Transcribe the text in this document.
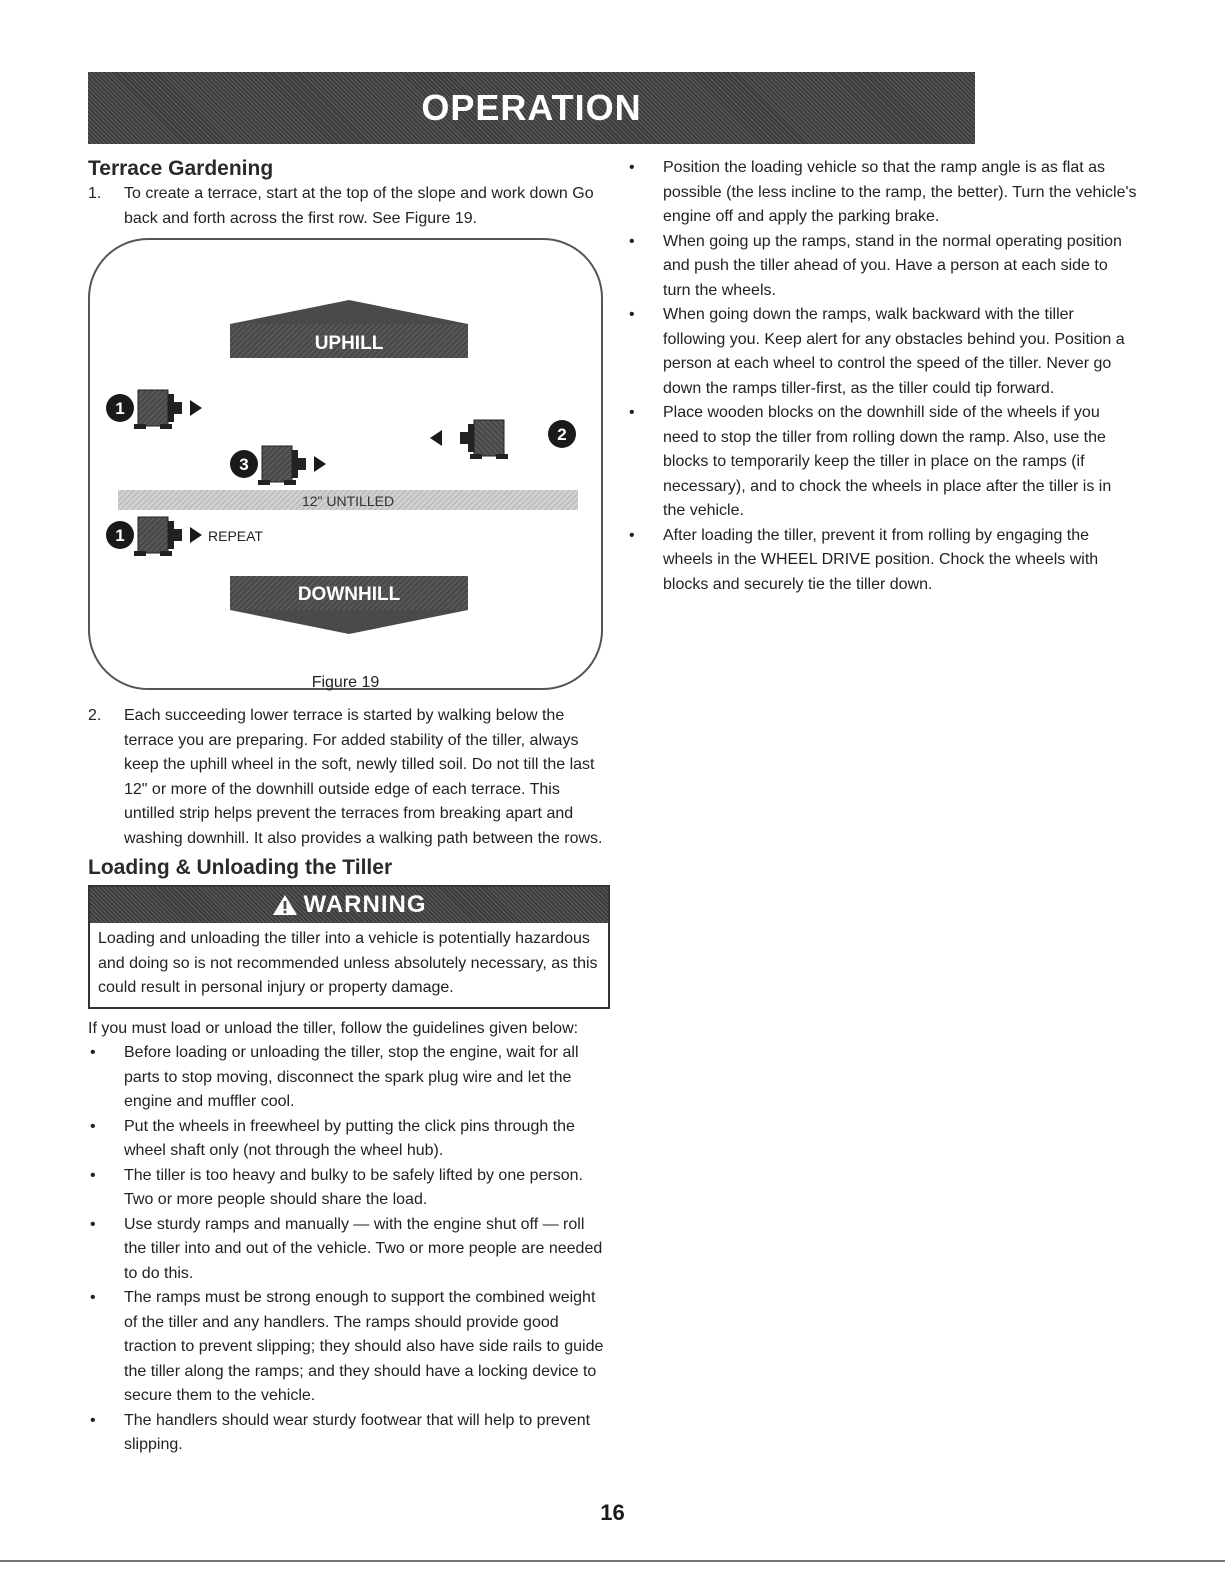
OPERATION
Terrace Gardening
1.	To create a terrace, start at the top of the slope and work down Go back and forth across the first row. See Figure 19.
UPHILL
1
2
3
12" UNTILLED
1	REPEAT
DOWNHILL
Figure 19
2.	Each succeeding lower terrace is started by walking below the terrace you are preparing. For added stability of the tiller, always keep the uphill wheel in the soft, newly tilled soil. Do not till the last 12" or more of the downhill outside edge of each terrace. This untilled strip helps prevent the terraces from breaking apart and washing downhill. It also provides a walking path between the rows.
Loading & Unloading the Tiller
WARNING
Loading and unloading the tiller into a vehicle is potentially hazardous and doing so is not recommended unless absolutely necessary, as this could result in personal injury or property damage.
If you must load or unload the tiller, follow the guidelines given below:
•	Before loading or unloading the tiller, stop the engine, wait for all parts to stop moving, disconnect the spark plug wire and let the engine and muffler cool.
•	Put the wheels in freewheel by putting the click pins through the wheel shaft only (not through the wheel hub).
•	The tiller is too heavy and bulky to be safely lifted by one person. Two or more people should share the load.
•	Use sturdy ramps and manually — with the engine shut off — roll the tiller into and out of the vehicle. Two or more people are needed to do this.
•	The ramps must be strong enough to support the combined weight of the tiller and any handlers. The ramps should provide good traction to prevent slipping; they should also have side rails to guide the tiller along the ramps; and they should have a locking device to secure them to the vehicle.
•	The handlers should wear sturdy footwear that will help to prevent slipping.
•	Position the loading vehicle so that the ramp angle is as flat as possible (the less incline to the ramp, the better). Turn the vehicle's engine off and apply the parking brake.
•	When going up the ramps, stand in the normal operating position and push the tiller ahead of you. Have a person at each side to turn the wheels.
•	When going down the ramps, walk backward with the tiller following you. Keep alert for any obstacles behind you. Position a person at each wheel to control the speed of the tiller. Never go down the ramps tiller-first, as the tiller could tip forward.
•	Place wooden blocks on the downhill side of the wheels if you need to stop the tiller from rolling down the ramp. Also, use the blocks to temporarily keep the tiller in place on the ramps (if necessary), and to chock the wheels in place after the tiller is in the vehicle.
•	After loading the tiller, prevent it from rolling by engaging the wheels in the WHEEL DRIVE position. Chock the wheels with blocks and securely tie the tiller down.
16
